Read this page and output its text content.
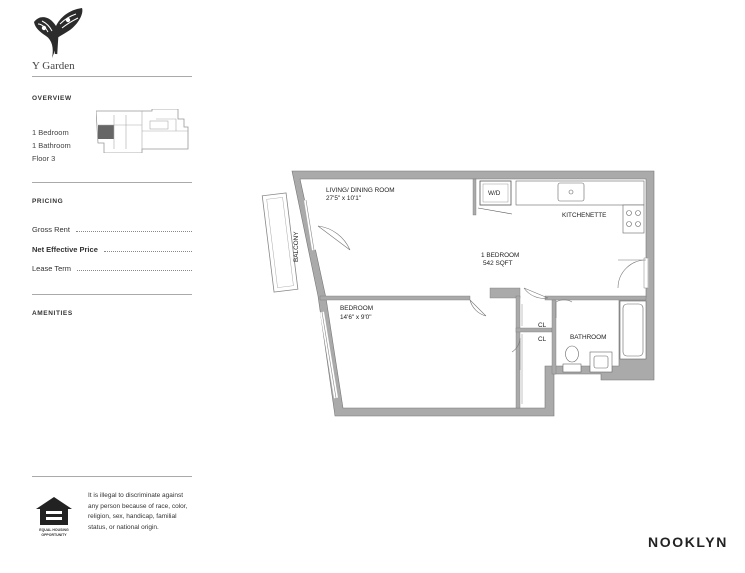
Y Garden
OVERVIEW
1 Bedroom
1 Bathroom
Floor 3
PRICING
Gross Rent
Net Effective Price
Lease Term
AMENITIES
EQUAL HOUSING
OPPORTUNITY
It is illegal to discriminate against any person because of race, color, religion, sex, handicap, familial status, or national origin.
NOOKLYN
LIVING/ DINING ROOM
27'5" x 10'1"
W/D
KITCHENETTE
BALCONY	1 BEDROOM
542 SQFT
BEDROOM
14'6" x 9'0"
CL
CL	BATHROOM
